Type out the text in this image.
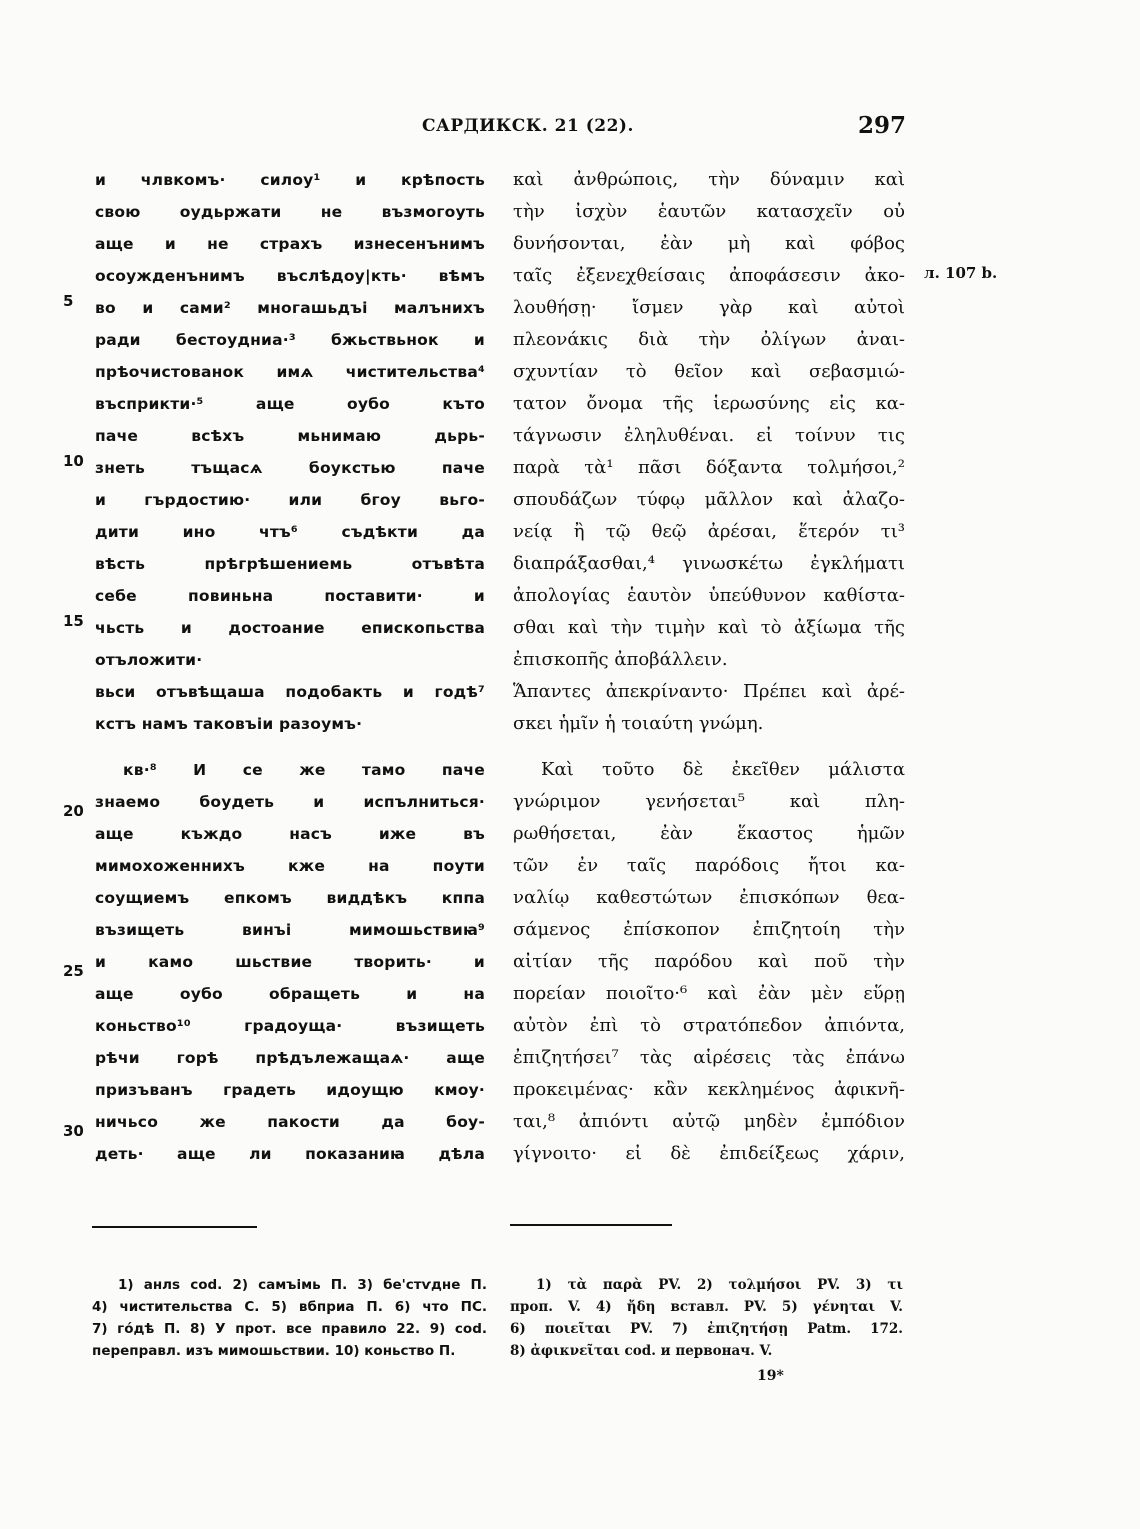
САРДИКСК. 21 (22).	297
5
10
15
20
25
30
и члвкомъ· силоу¹ и крѣпость
свою оудьржати не възмогоуть
аще и не страхъ изнесенънимъ
осоужденънимъ въслѣдоу|кть· вѣмъ
во и сами² многашьдъі малънихъ
ради бестоудниа·³ бжьствьнок и
прѣочистованок имѧ чистительства⁴
въсприкти·⁵ аще оубо къто
паче всѣхъ мьнимаю дьрь-
знеть тъщасѧ боукстью паче
и гърдостию· или бгоу вьго-
дити ино чтъ⁶ съдѣкти да
вѣсть прѣгрѣшениемь отъвѣта
себе повиньна поставити· и
чьсть и достоание епископьства
отъложити·
вьси отъвѣщаша подобакть и годѣ⁷
кстъ намъ таковъіи разоумъ·
кв·⁸ И се же тамо паче
знаемо боудеть и испълниться·
аще къждо насъ иже въ
мимохоженнихъ кже на поути
соущиемъ епкомъ виддѣкъ кппа
възищеть винъі мимошьствиꙗ⁹
и камо шьствие творить· и
аще оубо обращеть и на
коньство¹⁰ градоуща· възищеть
рѣчи горѣ прѣдълежащаѧ· аще
призъванъ градеть идоущю кмоу·
ничьсо же пакости да боу-
деть· аще ли показаниꙗ дѣла
καὶ ἀνθρώποις, τὴν δύναμιν καὶ
τὴν ἰσχὺν ἑαυτῶν κατασχεῖν οὐ
δυνήσονται, ἐὰν μὴ καὶ φόβος
ταῖς ἐξενεχθείσαις ἀποφάσεσιν ἀκο-
λουθήσῃ· ἴσμεν γὰρ καὶ αὐτοὶ
πλεονάκις διὰ τὴν ὀλίγων ἀναι-
σχυντίαν τὸ θεῖον καὶ σεβασμιώ-
τατον ὄνομα τῆς ἱερωσύνης εἰς κα-
τάγνωσιν ἐληλυθέναι. εἰ τοίνυν τις
παρὰ τὰ¹ πᾶσι δόξαντα τολμήσοι,²
σπουδάζων τύφῳ μᾶλλον καὶ ἀλαζο-
νείᾳ ἢ τῷ θεῷ ἀρέσαι, ἕτερόν τι³
διαπράξασθαι,⁴ γινωσκέτω ἐγκλήματι
ἀπολογίας ἑαυτὸν ὑπεύθυνον καθίστα-
σθαι καὶ τὴν τιμὴν καὶ τὸ ἀξίωμα τῆς
ἐπισκοπῆς ἀποβάλλειν.
Ἅπαντες ἀπεκρίναντο· Πρέπει καὶ ἀρέ-
σκει ἡμῖν ἡ τοιαύτη γνώμη.
Καὶ τοῦτο δὲ ἐκεῖθεν μάλιστα
γνώριμον γενήσεται⁵ καὶ πλη-
ρωθήσεται, ἐὰν ἕκαστος ἡμῶν
τῶν ἐν ταῖς παρόδοις ἤτοι κα-
ναλίῳ καθεστώτων ἐπισκόπων θεα-
σάμενος ἐπίσκοπον ἐπιζητοίη τὴν
αἰτίαν τῆς παρόδου καὶ ποῦ τὴν
πορείαν ποιοῖτο·⁶ καὶ ἐὰν μὲν εὕρῃ
αὐτὸν ἐπὶ τὸ στρατόπεδον ἀπιόντα,
ἐπιζητήσει⁷ τὰς αἱρέσεις τὰς ἐπάνω
προκειμένας· κἂν κεκλημένος ἀφικνῆ-
ται,⁸ ἀπιόντι αὐτῷ μηδὲν ἐμπόδιον
γίγνοιτο· εἰ δὲ ἐπιδείξεως χάριν,
л. 107 b.
1) анлѕ cod. 2) самъімь П. 3) бе'стѵдне П.
4) чистительства С. 5) вбприа П. 6) что ПС.
7) го́дѣ П. 8) У прот. все правило 22. 9) cod.
переправл. изъ мимошьствии. 10) коньство П.
1) τὰ παρὰ PV. 2) τολμήσοι PV. 3) τι
проп. V. 4) ἤδη вставл. PV. 5) γένηται V.
6) ποιεῖται PV. 7) ἐπιζητήσῃ Patm. 172.
8) ἀφικνεῖται cod. и первонач. V.
19*
